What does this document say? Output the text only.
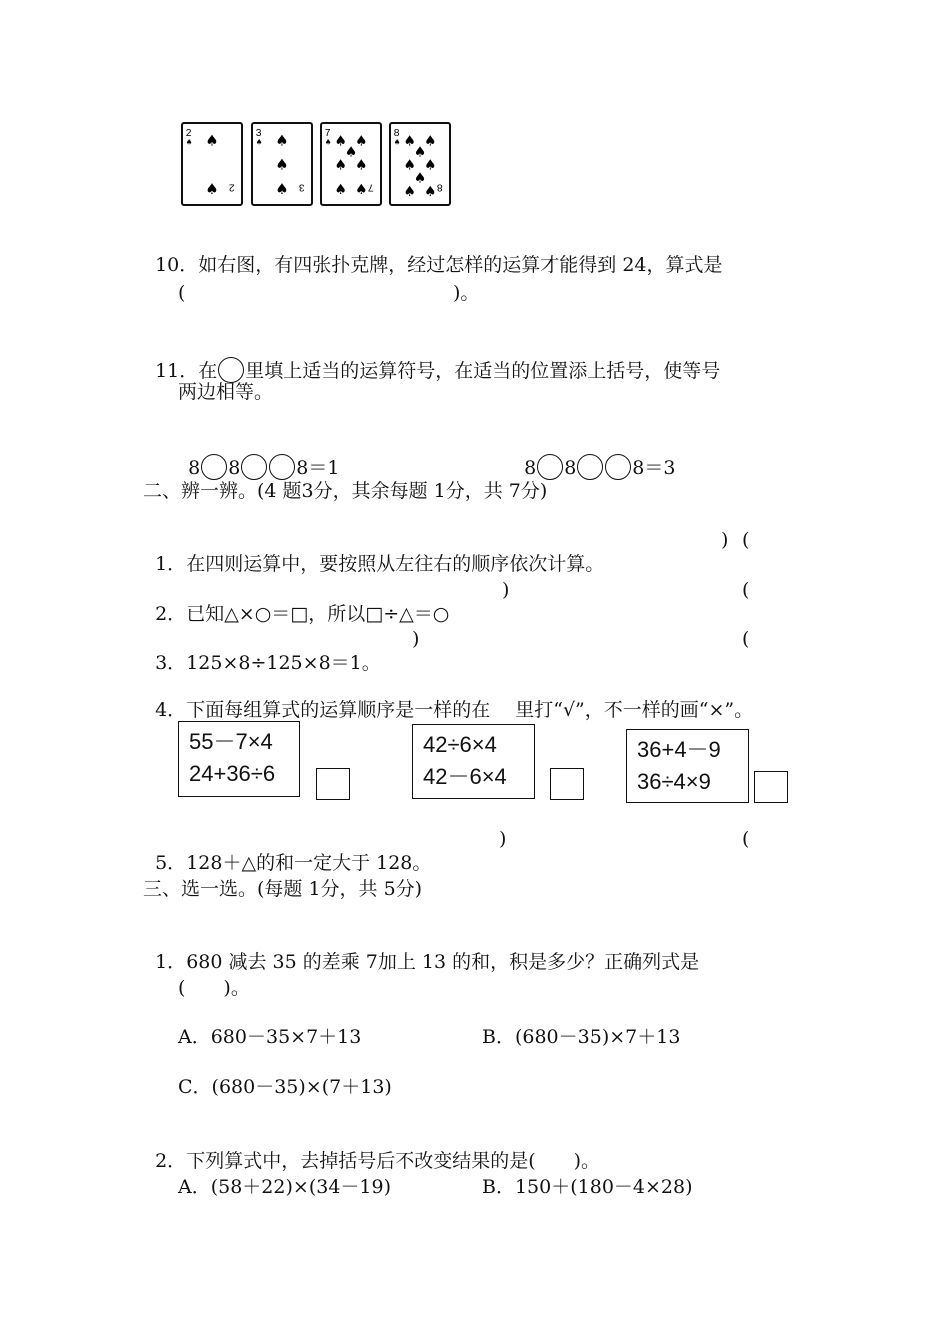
2
♠ ♠
♠ 2
3
♠ ♠
♠
♠ 3
7
♠ ♠ ♠
♠
♠ ♠
♠ ♠ 7
8
♠ ♠ ♠
♠
♠ ♠
♠
♠ ♠ 8

10．如右图，有四张扑克牌，经过怎样的运算才能得到 24，算式是

(	)。

11．在 里填上适当的运算符号，在适当的位置添上括号，使等号

两边相等。

8 8	8＝1	8 8	8＝3

二、辨一辨。(4 题3分，其余每题 1分，共 7分)

1．在四则运算中，要按照从左往右的顺序依次计算。

) (

2．已知△×○＝□，所以□÷△＝○

)	(

3．125×8÷125×8＝1。

)	(

4．下面每组算式的运算顺序是一样的在　 里打“√”，不一样的画“×”。

55－7×4
24+36÷6
42÷6×4
42－6×4
36+4－9
36÷4×9

5．128＋△的和一定大于 128。

)	(
三、选一选。(每题 1分，共 5分)

1．680 减去 35 的差乘 7加上 13 的和，积是多少？正确列式是

(　　)。
A．680－35×7＋13	B．(680－35)×7＋13
C．(680－35)×(7＋13)

2．下列算式中，去掉括号后不改变结果的是(　　)。

A．(58＋22)×(34－19)	B．150＋(180－4×28)
